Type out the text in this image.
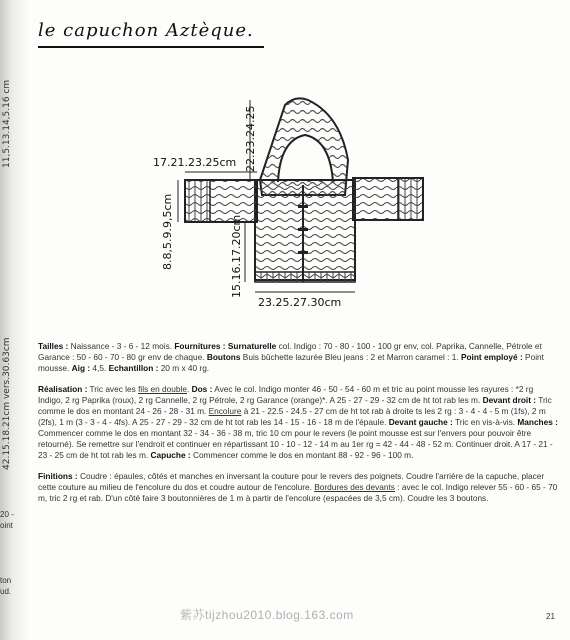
11,5.13.14,5.16 cm
42.15.18.21cm vers.30.63cm
20 -
oint
ton
ud.
le capuchon Aztèque.
17.21.23.25cm 22.23.24.25
8.8,5.9.9,5cm	15.16.17.20cm
23.25.27.30cm

Tailles : Naissance - 3 - 6 - 12 mois. Fournitures : Surnaturelle col. Indigo : 70 - 80 - 100 - 100 gr env, col. Paprika, Cannelle, Pétrole et Garance : 50 - 60 - 70 - 80 gr env de chaque. Boutons Buis bûchette lazurée Bleu jeans : 2 et Marron caramel : 1. Point employé : Point mousse. Aig : 4,5. Echantillon : 20 m x 40 rg.

Réalisation : Tric avec les fils en double. Dos : Avec le col. Indigo monter 46 - 50 - 54 - 60 m et tric au point mousse les rayures : *2 rg Indigo, 2 rg Paprika (roux), 2 rg Cannelle, 2 rg Pétrole, 2 rg Garance (orange)*. A 25 - 27 - 29 - 32 cm de ht tot rab les m. Devant droit : Tric comme le dos en montant 24 - 26 - 28 - 31 m. Encolure à 21 - 22.5 - 24.5 - 27 cm de ht tot rab à droite ts les 2 rg : 3 - 4 - 4 - 5 m (1fs), 2 m (2fs), 1 m (3 - 3 - 4 - 4fs). A 25 - 27 - 29 - 32 cm de ht tot rab les 14 - 15 - 16 - 18 m de l'épaule. Devant gauche : Tric en vis-à-vis. Manches : Commencer comme le dos en montant 32 - 34 - 36 - 38 m, tric 10 cm pour le revers (le point mousse est sur l'envers pour pouvoir être retourné). Se remettre sur l'endroit et continuer en répartissant 10 - 10 - 12 - 14 m au 1er rg = 42 - 44 - 48 - 52 m. Continuer droit. A 17 - 21 - 23 - 25 cm de ht tot rab les m. Capuche : Commencer comme le dos en montant 88 - 92 - 96 - 100 m.

Finitions : Coudre : épaules, côtés et manches en inversant la couture pour le revers des poignets. Coudre l'arrière de la capuche, placer cette couture au milieu de l'encolure du dos et coudre autour de l'encolure. Bordures des devants : avec le col. Indigo relever 55 - 60 - 65 - 70 m, tric 2 rg et rab. D'un côté faire 3 boutonnières de 1 m à partir de l'encolure (espacées de 3,5 cm). Coudre les 3 boutons.

紫苏tijzhou2010.blog.163.com	21
